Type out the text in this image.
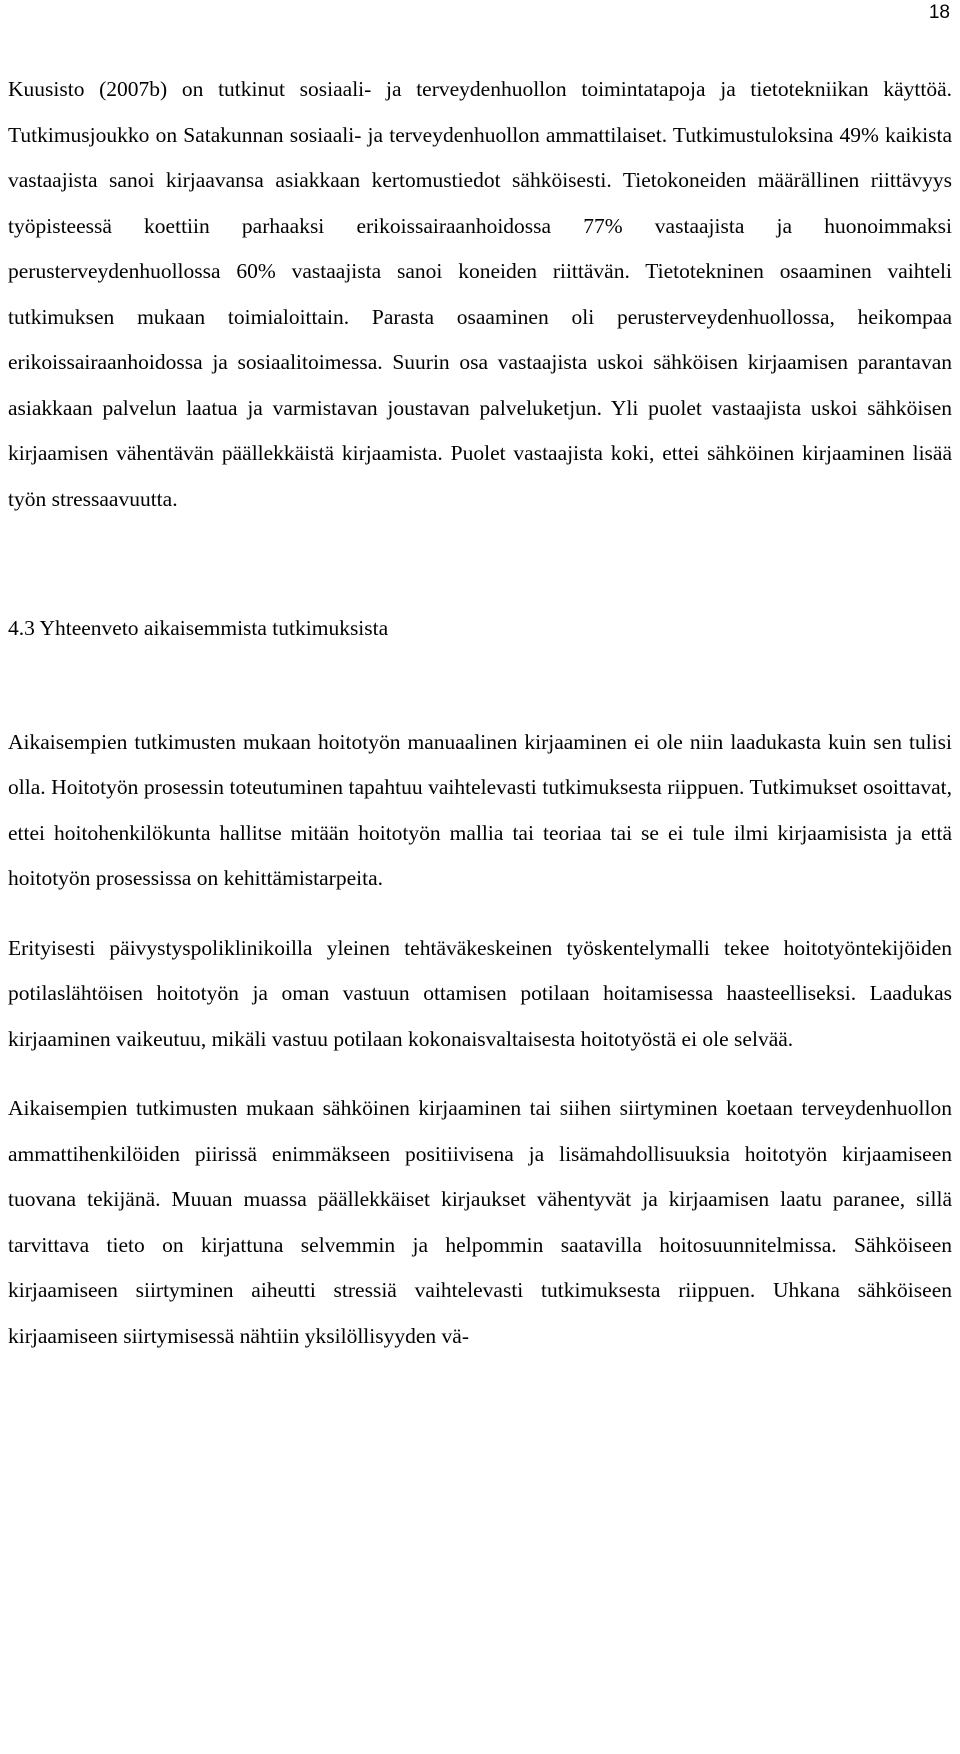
18

Kuusisto (2007b) on tutkinut sosiaali- ja terveydenhuollon toimintatapoja ja tietotekniikan käyttöä. Tutkimusjoukko on Satakunnan sosiaali- ja terveydenhuollon ammattilaiset. Tutkimustuloksina 49% kaikista vastaajista sanoi kirjaavansa asiakkaan kertomustiedot sähköisesti. Tietokoneiden määrällinen riittävyys työpisteessä koettiin parhaaksi erikoissairaanhoidossa 77% vastaajista ja huonoimmaksi perusterveydenhuollossa 60% vastaajista sanoi koneiden riittävän. Tietotekninen osaaminen vaihteli tutkimuksen mukaan toimialoittain. Parasta osaaminen oli perusterveydenhuollossa, heikompaa erikoissairaanhoidossa ja sosiaalitoimessa. Suurin osa vastaajista uskoi sähköisen kirjaamisen parantavan asiakkaan palvelun laatua ja varmistavan joustavan palveluketjun. Yli puolet vastaajista uskoi sähköisen kirjaamisen vähentävän päällekkäistä kirjaamista. Puolet vastaajista koki, ettei sähköinen kirjaaminen lisää työn stressaavuutta.

4.3 Yhteenveto aikaisemmista tutkimuksista

Aikaisempien tutkimusten mukaan hoitotyön manuaalinen kirjaaminen ei ole niin laadukasta kuin sen tulisi olla. Hoitotyön prosessin toteutuminen tapahtuu vaihtelevasti tutkimuksesta riippuen. Tutkimukset osoittavat, ettei hoitohenkilökunta hallitse mitään hoitotyön mallia tai teoriaa tai se ei tule ilmi kirjaamisista ja että hoitotyön prosessissa on kehittämistarpeita.

Erityisesti päivystyspoliklinikoilla yleinen tehtäväkeskeinen työskentelymalli tekee hoitotyöntekijöiden potilaslähtöisen hoitotyön ja oman vastuun ottamisen potilaan hoitamisessa haasteelliseksi. Laadukas kirjaaminen vaikeutuu, mikäli vastuu potilaan kokonaisvaltaisesta hoitotyöstä ei ole selvää.

Aikaisempien tutkimusten mukaan sähköinen kirjaaminen tai siihen siirtyminen koetaan terveydenhuollon ammattihenkilöiden piirissä enimmäkseen positiivisena ja lisämahdollisuuksia hoitotyön kirjaamiseen tuovana tekijänä. Muuan muassa päällekkäiset kirjaukset vähentyvät ja kirjaamisen laatu paranee, sillä tarvittava tieto on kirjattuna selvemmin ja helpommin saatavilla hoitosuunnitelmissa. Sähköiseen kirjaamiseen siirtyminen aiheutti stressiä vaihtelevasti tutkimuksesta riippuen. Uhkana sähköiseen kirjaamiseen siirtymisessä nähtiin yksilöllisyyden vä-
